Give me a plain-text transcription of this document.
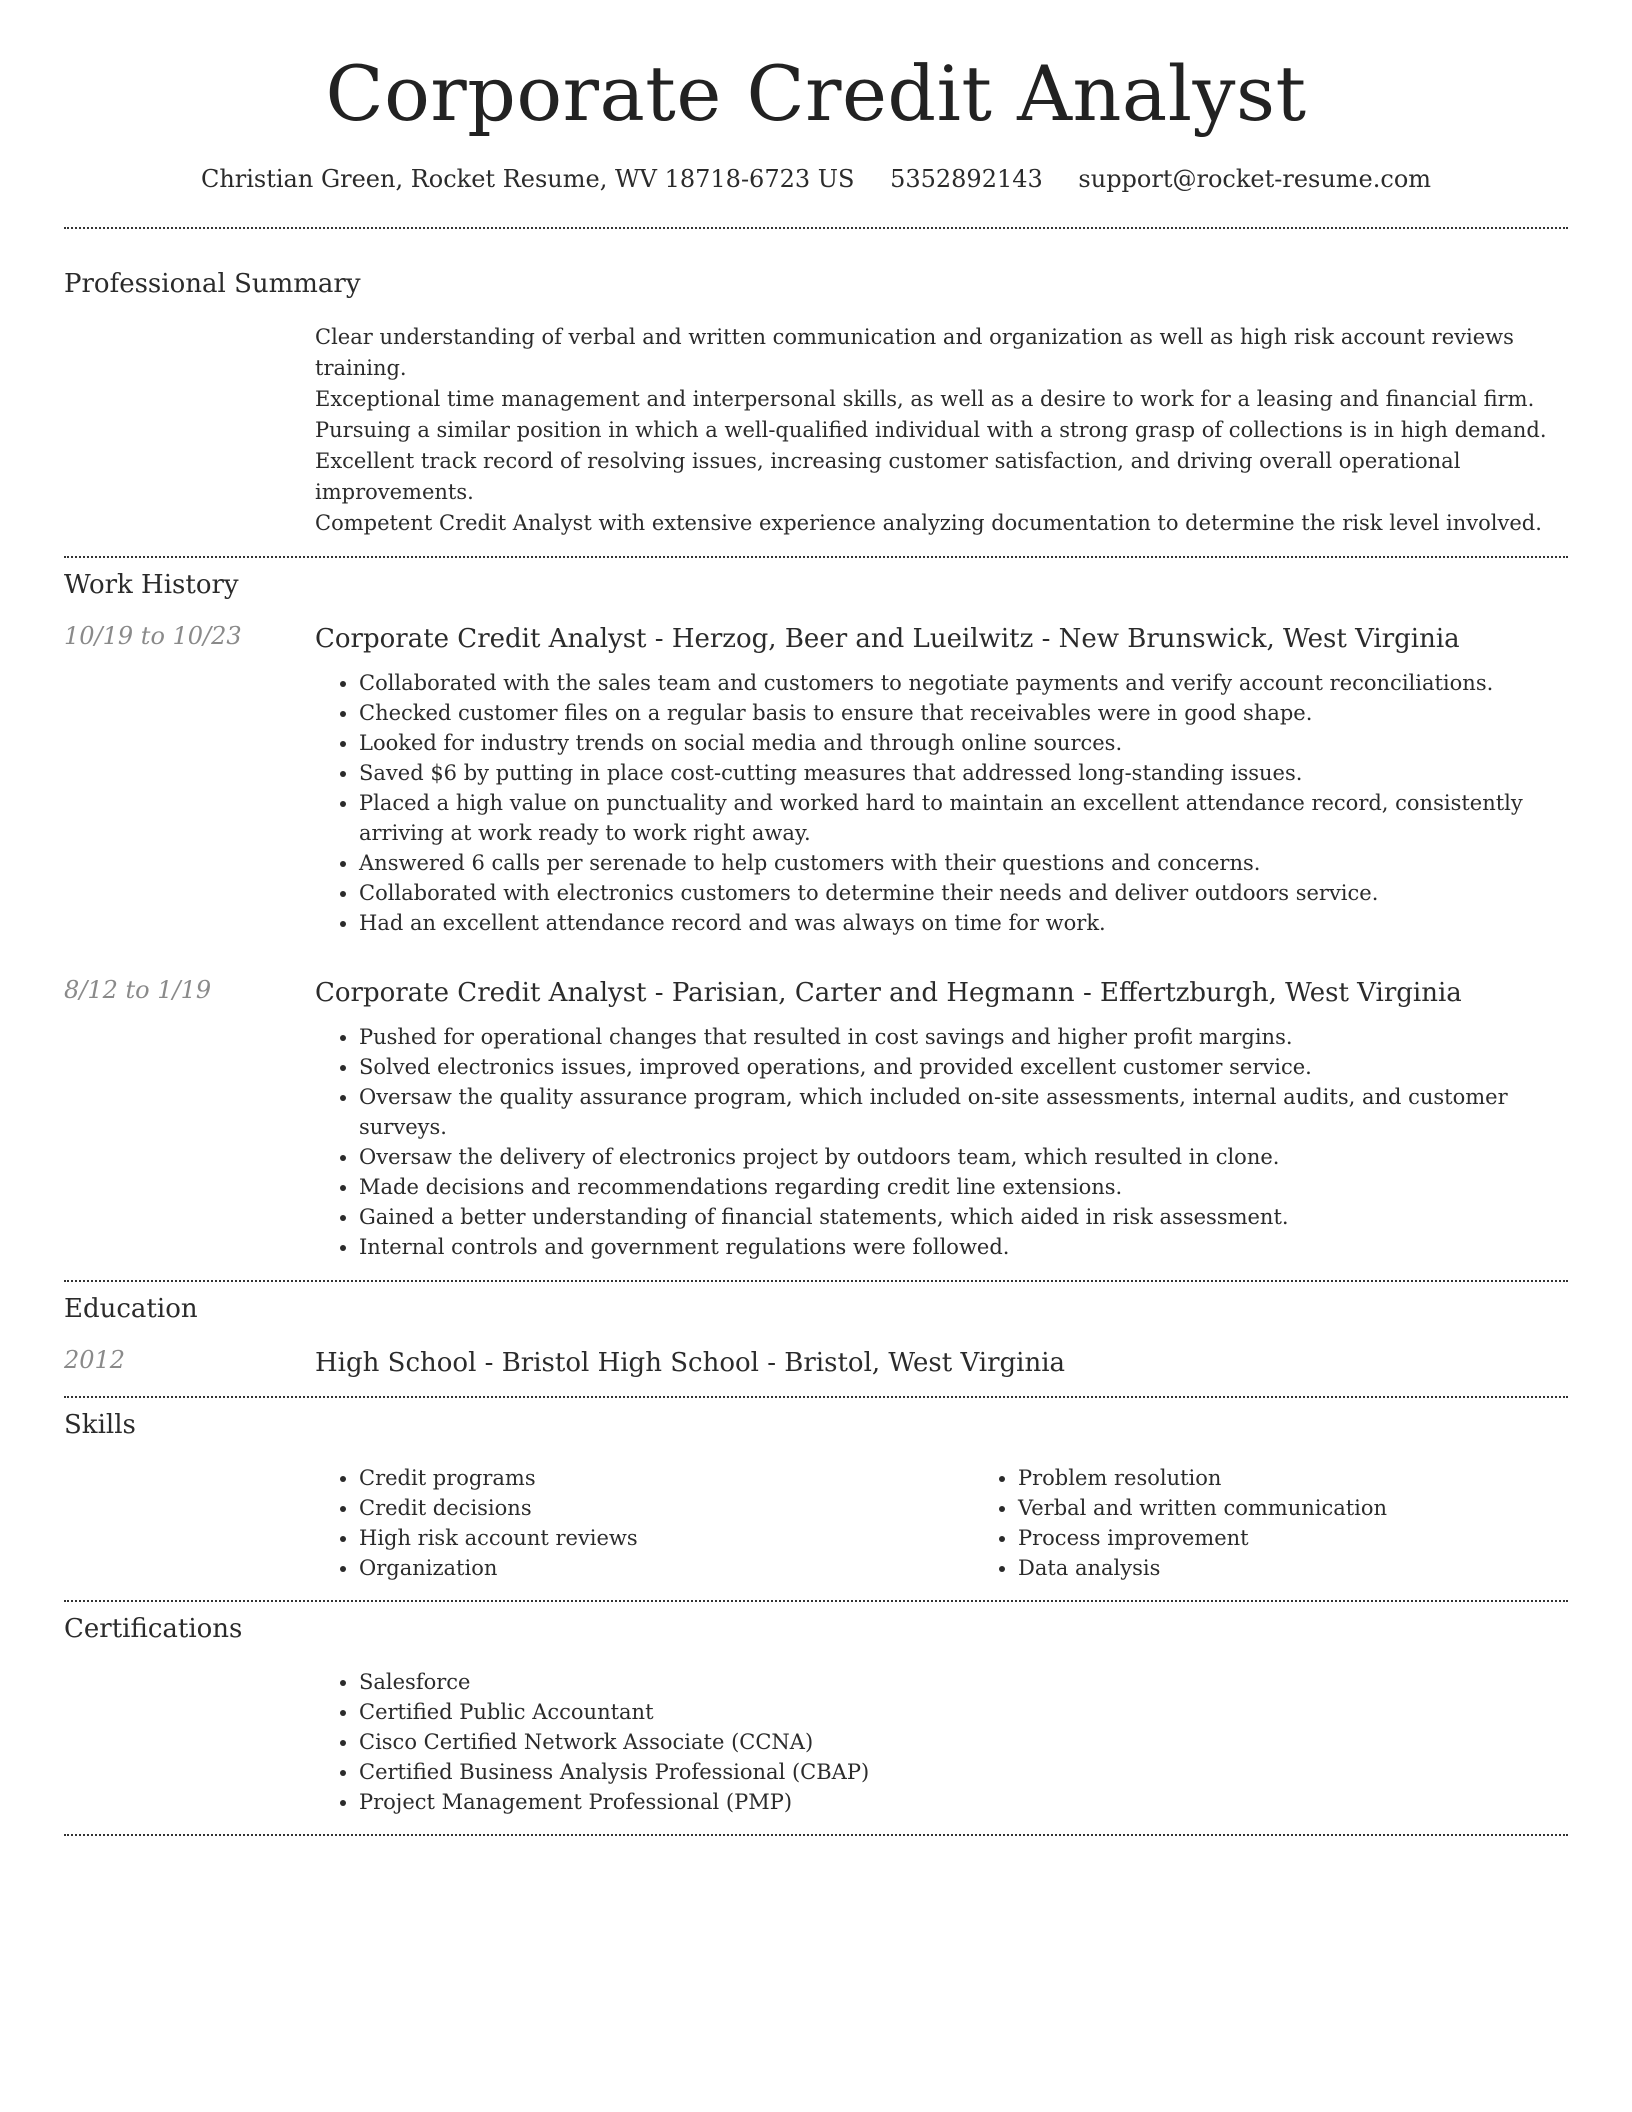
Corporate Credit Analyst
Christian Green, Rocket Resume, WV 18718-6723 US 5352892143 support@rocket-resume.com
Professional Summary

Clear understanding of verbal and written communication and organization as well as high risk account reviews training.

Exceptional time management and interpersonal skills, as well as a desire to work for a leasing and financial firm.

Pursuing a similar position in which a well-qualified individual with a strong grasp of collections is in high demand.

Excellent track record of resolving issues, increasing customer satisfaction, and driving overall operational improvements.

Competent Credit Analyst with extensive experience analyzing documentation to determine the risk level involved.

Work History
10/19 to 10/23	Corporate Credit Analyst - Herzog, Beer and Lueilwitz - New Brunswick, West Virginia
• Collaborated with the sales team and customers to negotiate payments and verify account reconciliations.
• Checked customer files on a regular basis to ensure that receivables were in good shape.
• Looked for industry trends on social media and through online sources.
• Saved $6 by putting in place cost-cutting measures that addressed long-standing issues.
• Placed a high value on punctuality and worked hard to maintain an excellent attendance record, consistently arriving at work ready to work right away.
• Answered 6 calls per serenade to help customers with their questions and concerns.
• Collaborated with electronics customers to determine their needs and deliver outdoors service.
• Had an excellent attendance record and was always on time for work.
8/12 to 1/19	Corporate Credit Analyst - Parisian, Carter and Hegmann - Effertzburgh, West Virginia
• Pushed for operational changes that resulted in cost savings and higher profit margins.
• Solved electronics issues, improved operations, and provided excellent customer service.
• Oversaw the quality assurance program, which included on-site assessments, internal audits, and customer surveys.
• Oversaw the delivery of electronics project by outdoors team, which resulted in clone.
• Made decisions and recommendations regarding credit line extensions.
• Gained a better understanding of financial statements, which aided in risk assessment.
• Internal controls and government regulations were followed.
Education
2012	High School - Bristol High School - Bristol, West Virginia
Skills
• Credit programs
• Credit decisions
• High risk account reviews
• Organization
• Problem resolution
• Verbal and written communication
• Process improvement
• Data analysis
Certifications
• Salesforce
• Certified Public Accountant
• Cisco Certified Network Associate (CCNA)
• Certified Business Analysis Professional (CBAP)
• Project Management Professional (PMP)
